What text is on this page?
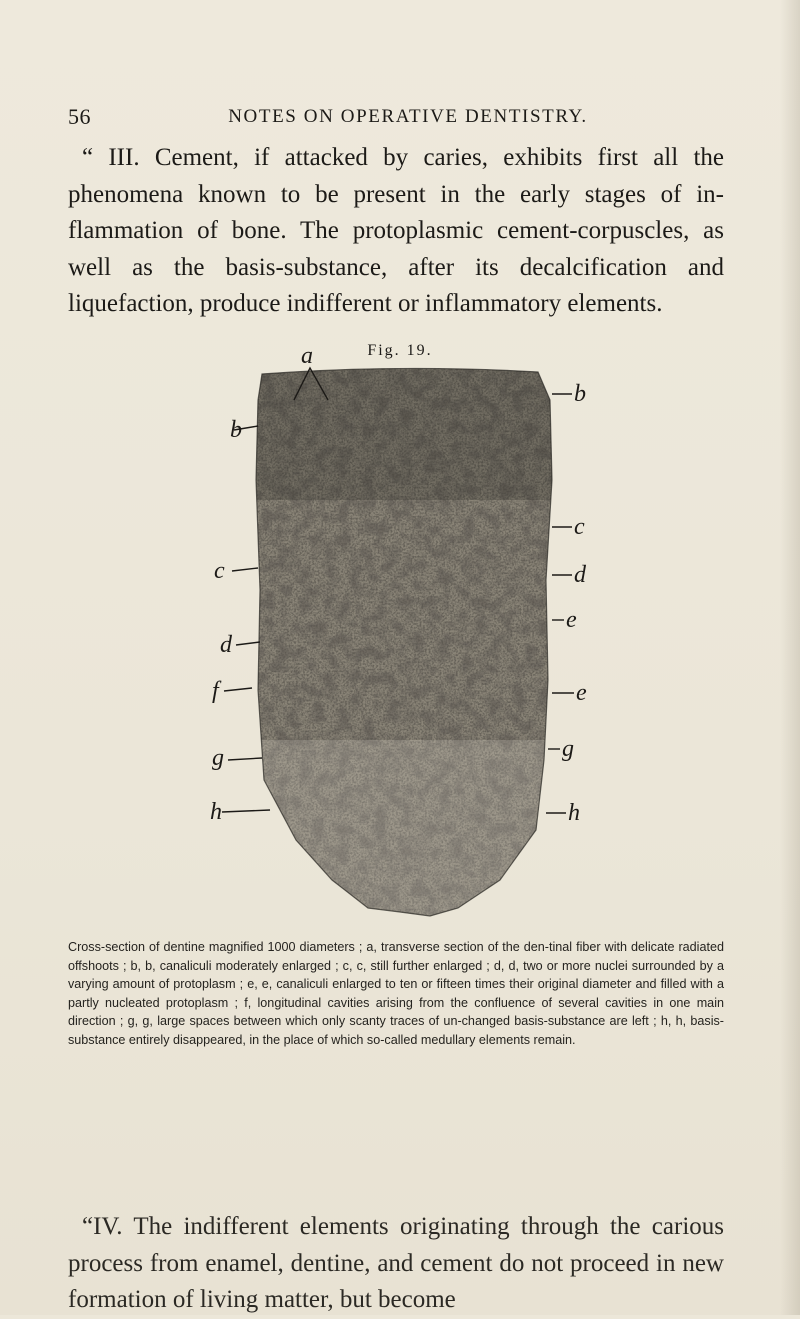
56	NOTES ON OPERATIVE DENTISTRY.

“ III. Cement, if attacked by caries, exhibits first all the phenomena known to be present in the early stages of in-flammation of bone. The protoplasmic cement-corpuscles, as well as the basis-substance, after its decalcification and liquefaction, produce indifferent or inflammatory elements.

Fig. 19.
a
b
c
d
f
g
h
b
c
d
e
e
g
h

Cross-section of dentine magnified 1000 diameters ; a, transverse section of the den-tinal fiber with delicate radiated offshoots ; b, b, canaliculi moderately enlarged ; c, c, still further enlarged ; d, d, two or more nuclei surrounded by a varying amount of protoplasm ; e, e, canaliculi enlarged to ten or fifteen times their original diameter and filled with a partly nucleated protoplasm ; f, longitudinal cavities arising from the confluence of several cavities in one main direction ; g, g, large spaces between which only scanty traces of un-changed basis-substance are left ; h, h, basis-substance entirely disappeared, in the place of which so-called medullary elements remain.

“IV. The indifferent elements originating through the carious process from enamel, dentine, and cement do not proceed in new formation of living matter, but become
